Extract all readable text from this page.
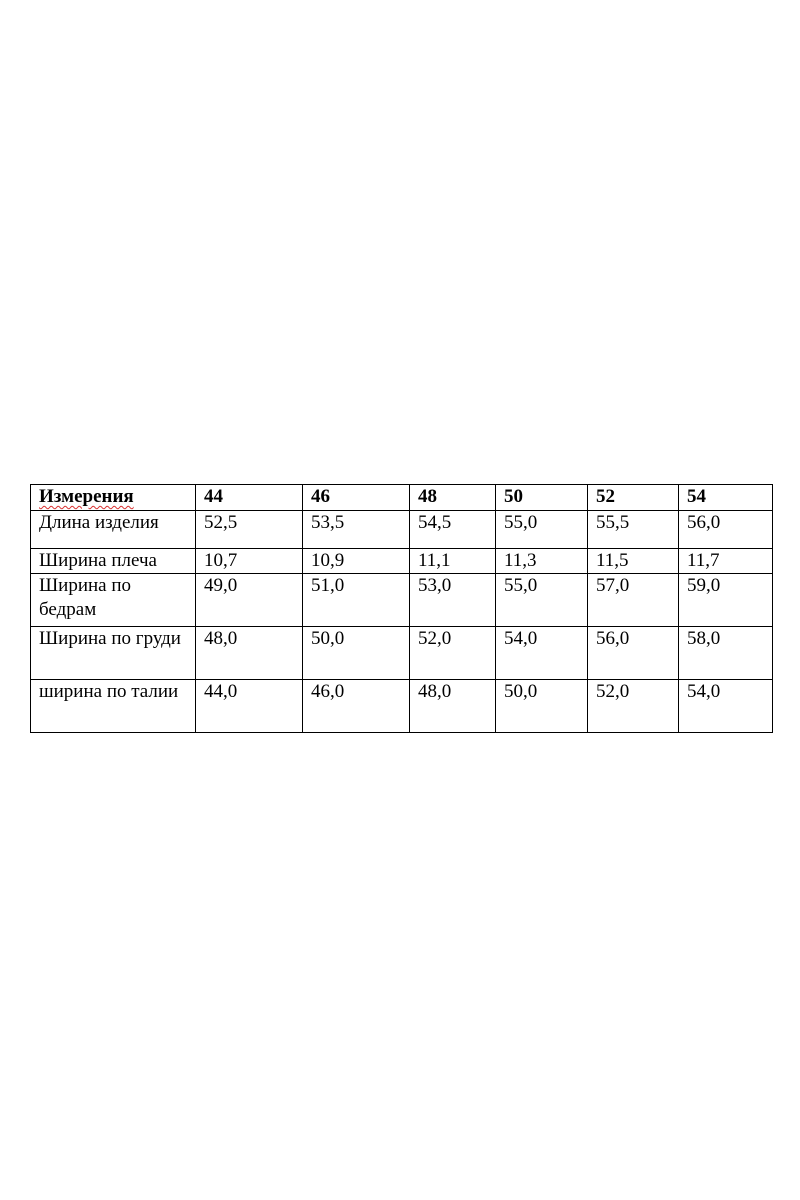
Измерения	44	46	48	50	52	54
Длина изделия	52,5	53,5	54,5	55,0	55,5	56,0
Ширина плеча	10,7	10,9	11,1	11,3	11,5	11,7
Ширина по бедрам	49,0	51,0	53,0	55,0	57,0	59,0
Ширина по груди	48,0	50,0	52,0	54,0	56,0	58,0
ширина по талии	44,0	46,0	48,0	50,0	52,0	54,0
